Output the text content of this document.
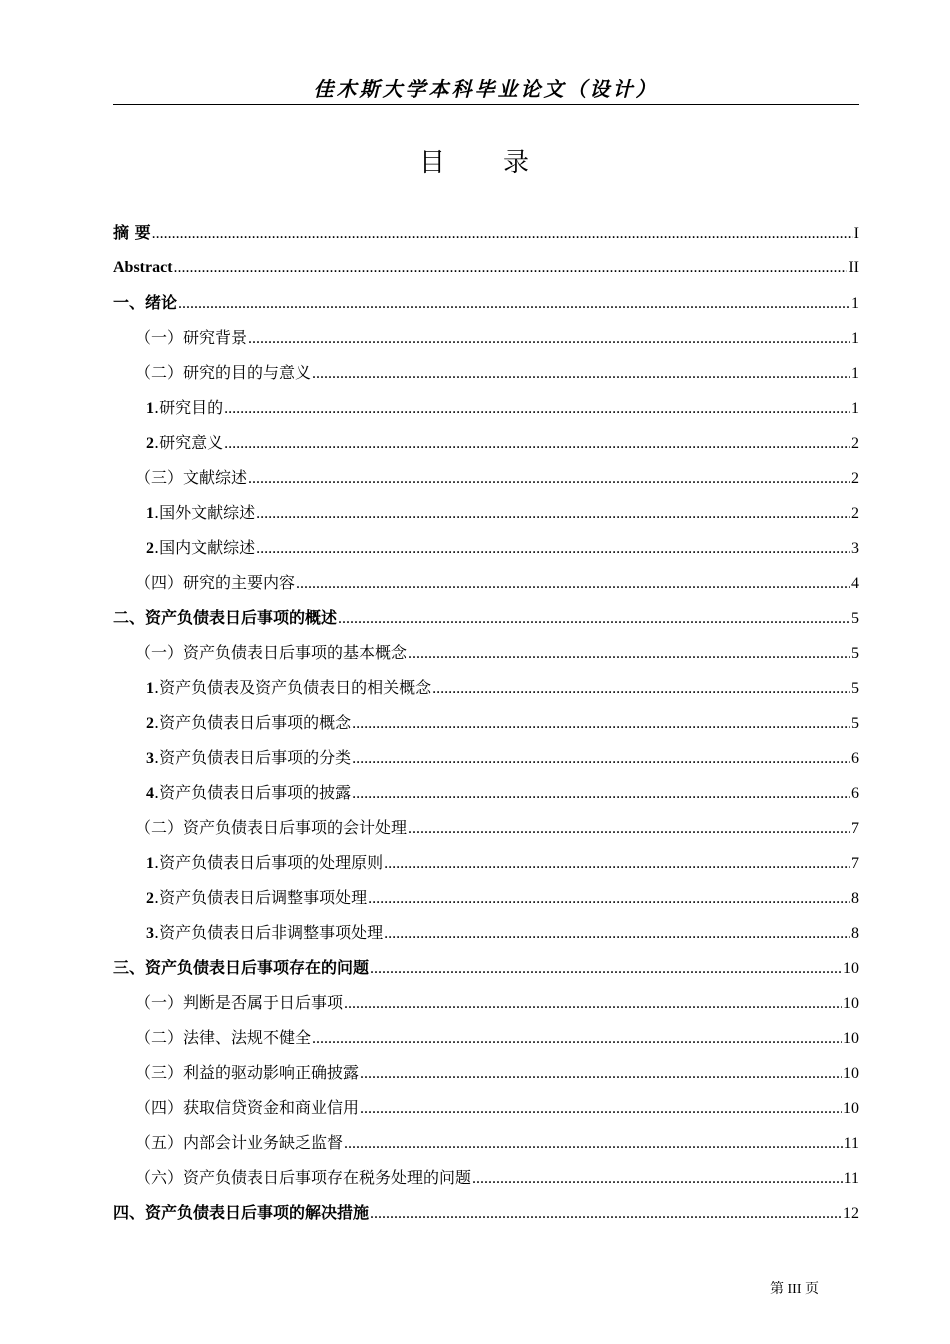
佳木斯大学本科毕业论文（设计）
目 录
摘 要 .....	I
Abstract .....	II
一、绪论 .....	1
（一）研究背景 .....	1
（二）研究的目的与意义 .....	1
1.研究目的 .....	1
2.研究意义 .....	2
（三）文献综述 .....	2
1.国外文献综述 .....	2
2.国内文献综述 .....	3
（四）研究的主要内容 .....	4
二、资产负债表日后事项的概述 .....	5
（一）资产负债表日后事项的基本概念 .....	5
1.资产负债表及资产负债表日的相关概念 .....	5
2.资产负债表日后事项的概念 .....	5
3.资产负债表日后事项的分类 .....	6
4.资产负债表日后事项的披露 .....	6
（二）资产负债表日后事项的会计处理 .....	7
1.资产负债表日后事项的处理原则 .....	7
2.资产负债表日后调整事项处理 .....	8
3.资产负债表日后非调整事项处理 .....	8
三、资产负债表日后事项存在的问题 .....	10
（一）判断是否属于日后事项 .....	10
（二）法律、法规不健全 .....	10
（三）利益的驱动影响正确披露 .....	10
（四）获取信贷资金和商业信用 .....	10
（五）内部会计业务缺乏监督 .....	11
（六）资产负债表日后事项存在税务处理的问题 .....	11
四、资产负债表日后事项的解决措施 .....	12
第 III 页
